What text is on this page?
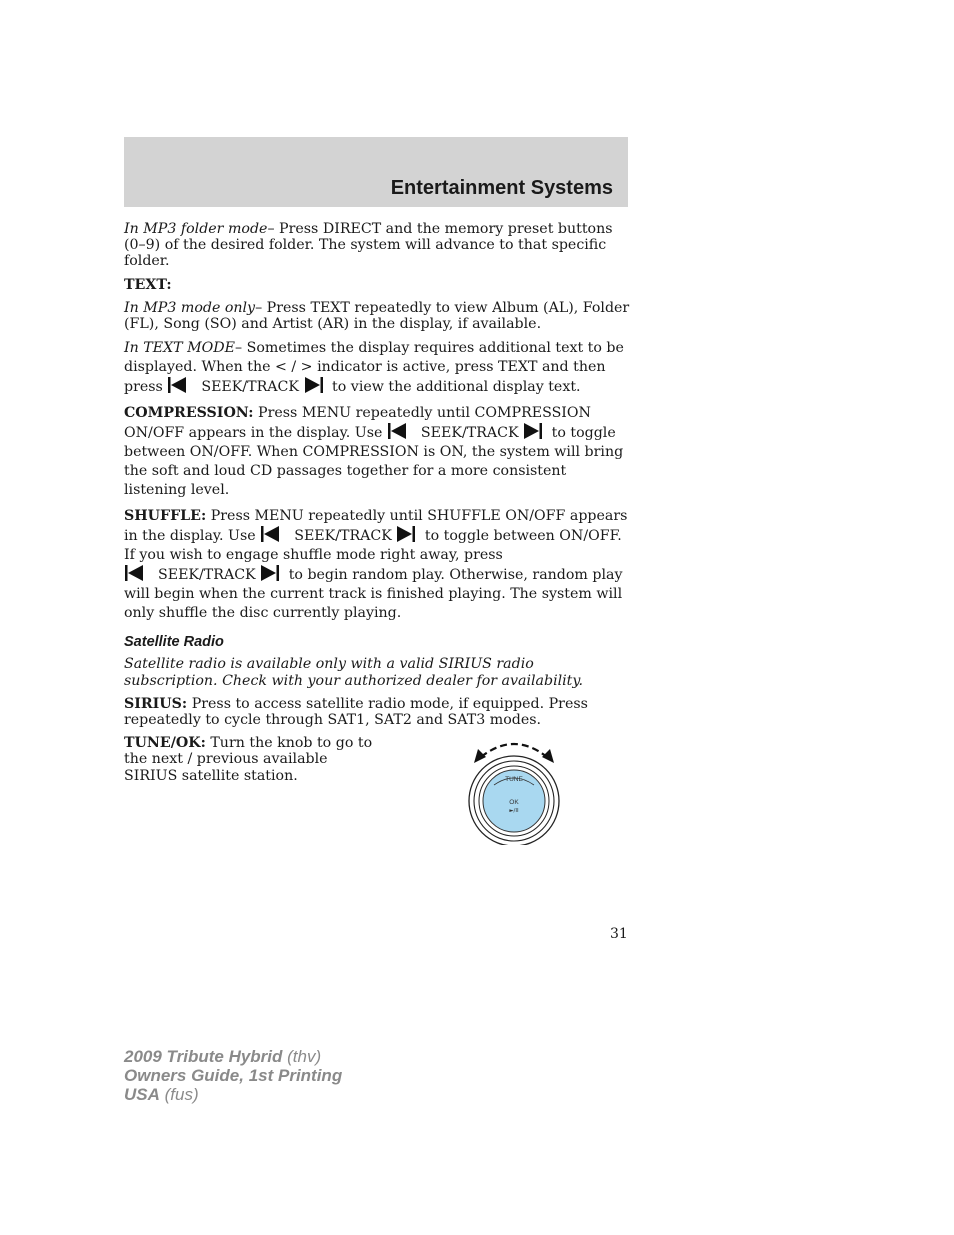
Entertainment Systems

In MP3 folder mode– Press DIRECT and the memory preset buttons (0–9) of the desired folder. The system will advance to that specific folder.

TEXT:

In MP3 mode only– Press TEXT repeatedly to view Album (AL), Folder (FL), Song (SO) and Artist (AR) in the display, if available.

In TEXT MODE– Sometimes the display requires additional text to be displayed. When the < / > indicator is active, press TEXT and then press	SEEK/TRACK to view the additional display text.

COMPRESSION: Press MENU repeatedly until COMPRESSION ON/OFF appears in the display. Use	SEEK/TRACK to toggle between ON/OFF. When COMPRESSION is ON, the system will bring the soft and loud CD passages together for a more consistent listening level.

SHUFFLE: Press MENU repeatedly until SHUFFLE ON/OFF appears in the display. Use	SEEK/TRACK to toggle between ON/OFF. If you wish to engage shuffle mode right away, press
SEEK/TRACK to begin random play. Otherwise, random play will begin when the current track is finished playing. The system will only shuffle the disc currently playing.

Satellite Radio

Satellite radio is available only with a valid SIRIUS radio subscription. Check with your authorized dealer for availability.

SIRIUS: Press to access satellite radio mode, if equipped. Press repeatedly to cycle through SAT1, SAT2 and SAT3 modes.

TUNE/OK: Turn the knob to go to the next / previous available SIRIUS satellite station.	TUNE
OK
►/II
31
2009 Tribute Hybrid (thv)
Owners Guide, 1st Printing
USA (fus)
